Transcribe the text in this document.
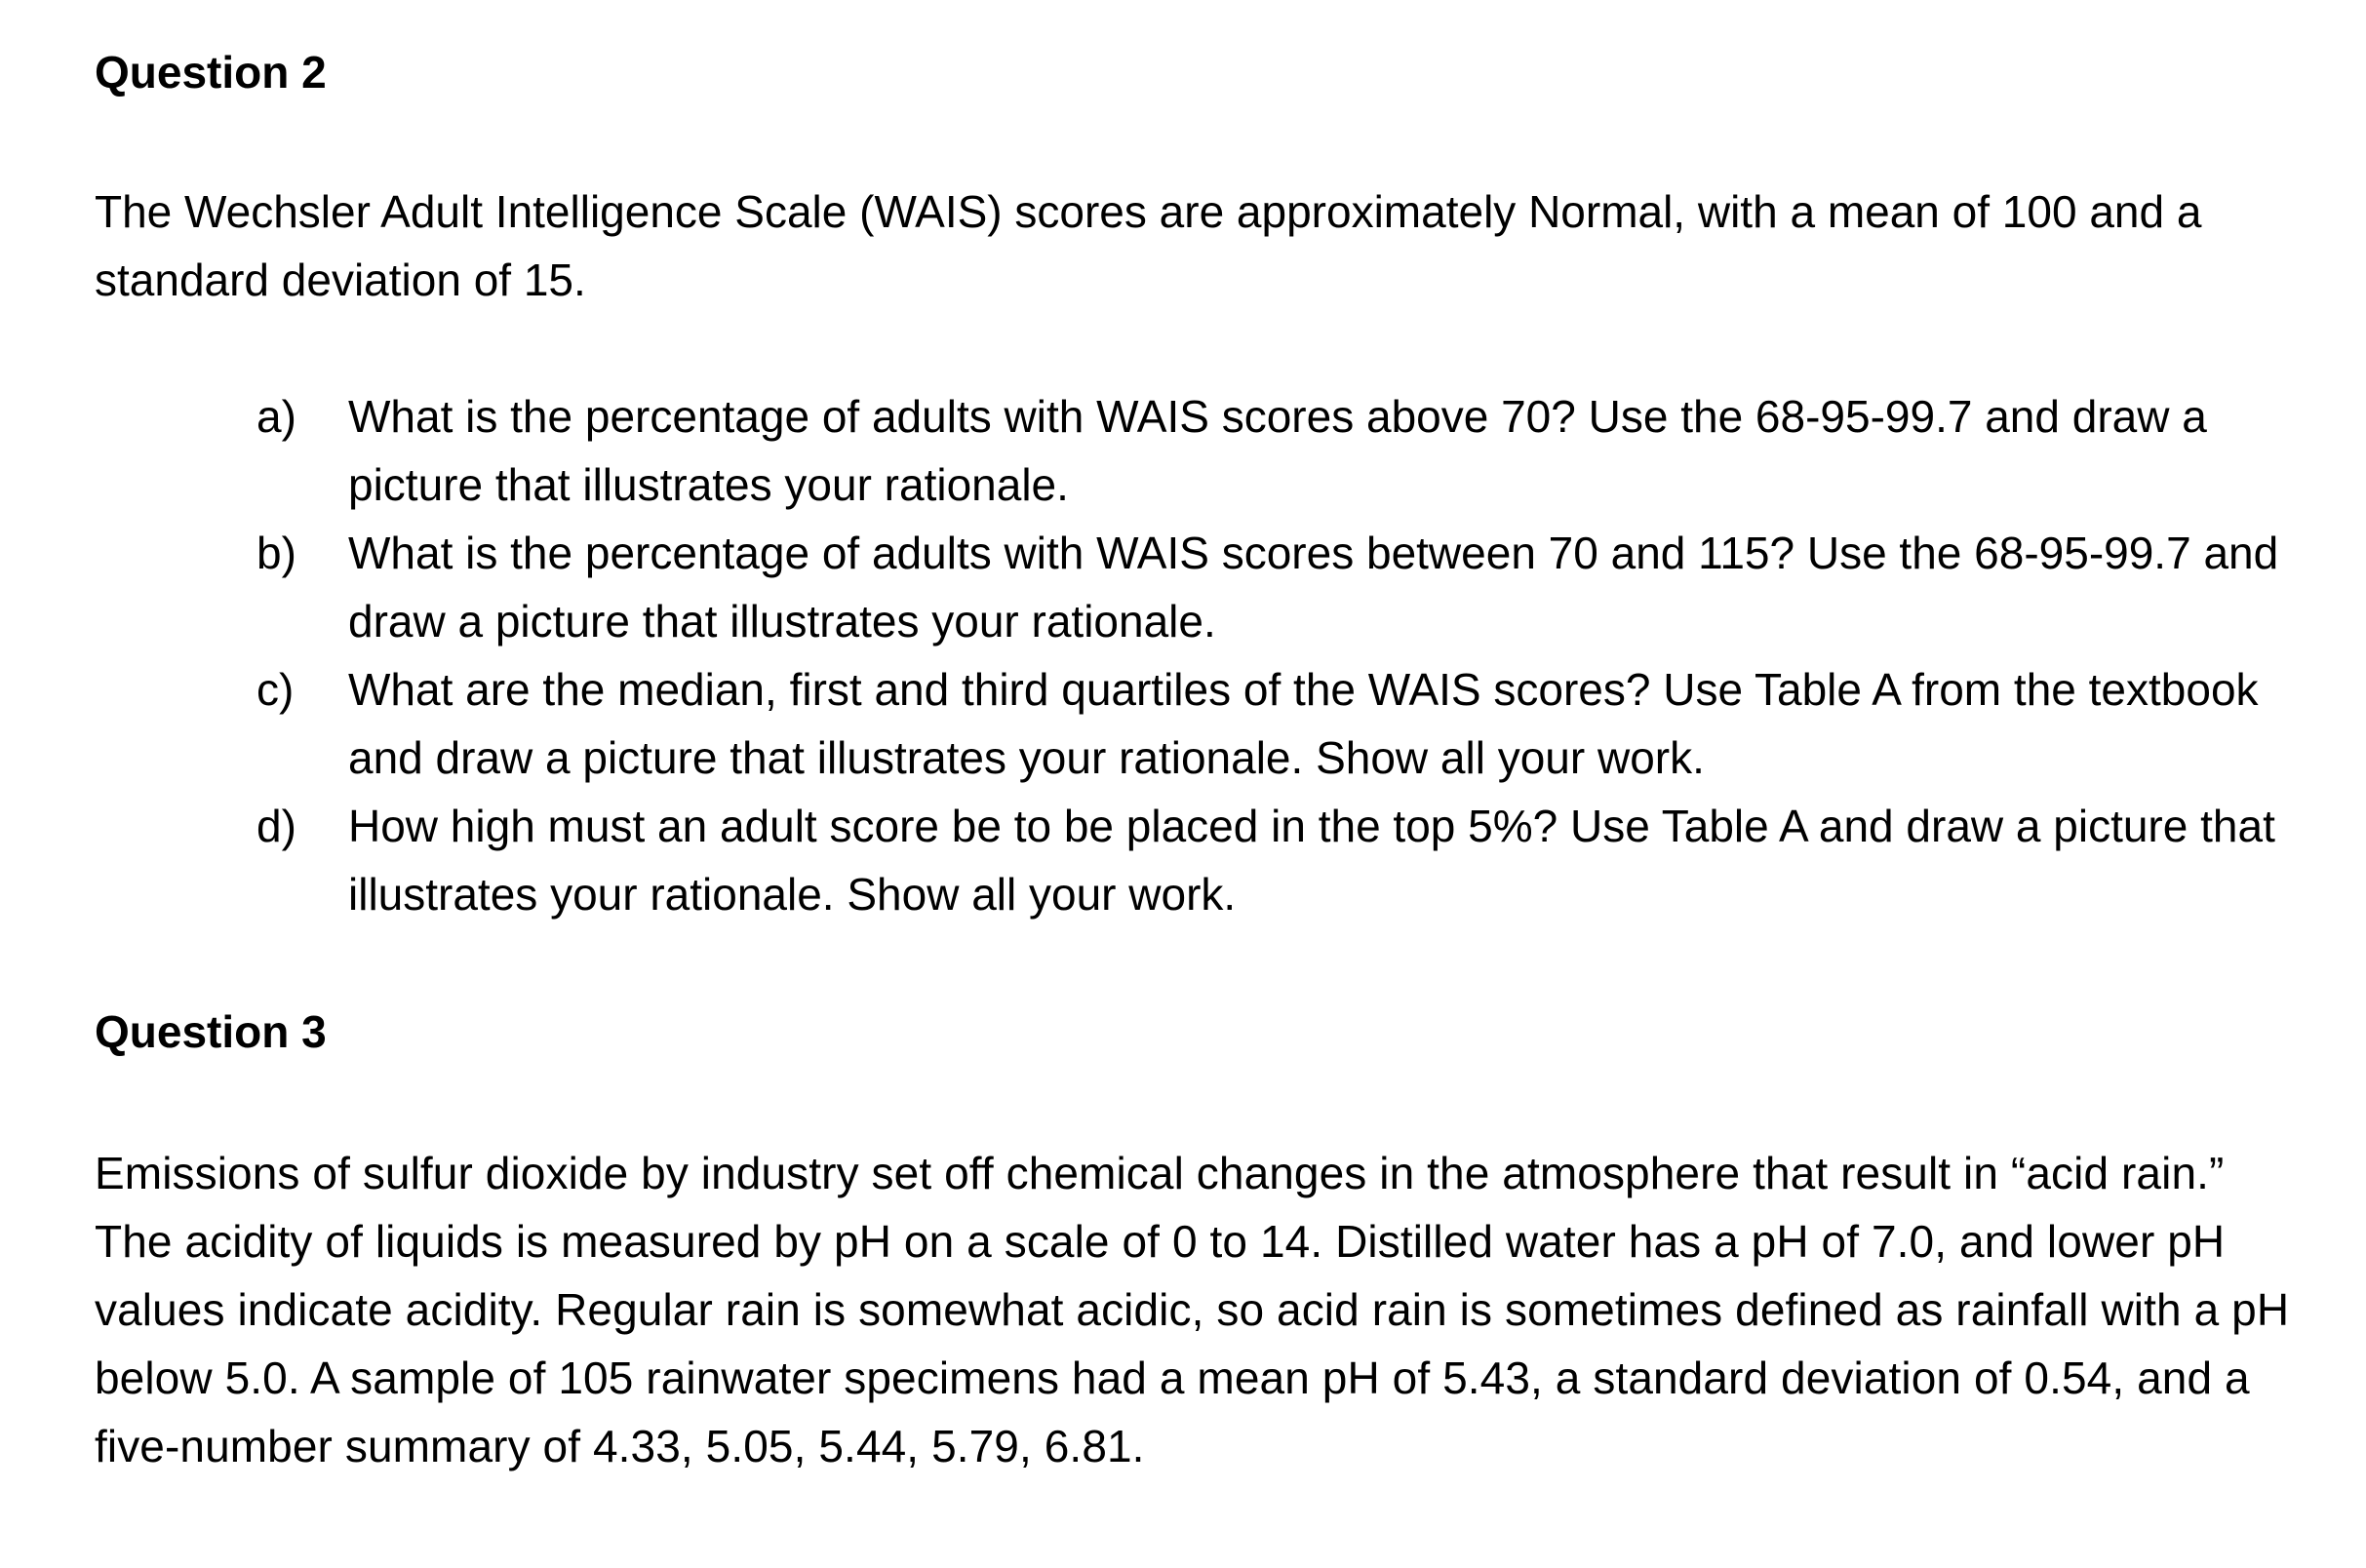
Question 2
The Wechsler Adult Intelligence Scale (WAIS) scores are approximately Normal, with a mean of 100 and a standard deviation of 15.
a) What is the percentage of adults with WAIS scores above 70? Use the 68-95-99.7 and draw a picture that illustrates your rationale.
b) What is the percentage of adults with WAIS scores between 70 and 115? Use the 68-95-99.7 and draw a picture that illustrates your rationale.
c) What are the median, first and third quartiles of the WAIS scores? Use Table A from the textbook and draw a picture that illustrates your rationale. Show all your work.
d) How high must an adult score be to be placed in the top 5%? Use Table A and draw a picture that illustrates your rationale. Show all your work.
Question 3
Emissions of sulfur dioxide by industry set off chemical changes in the atmosphere that result in “acid rain.” The acidity of liquids is measured by pH on a scale of 0 to 14. Distilled water has a pH of 7.0, and lower pH values indicate acidity. Regular rain is somewhat acidic, so acid rain is sometimes defined as rainfall with a pH below 5.0. A sample of 105 rainwater specimens had a mean pH of 5.43, a standard deviation of 0.54, and a five-number summary of 4.33, 5.05, 5.44, 5.79, 6.81.
